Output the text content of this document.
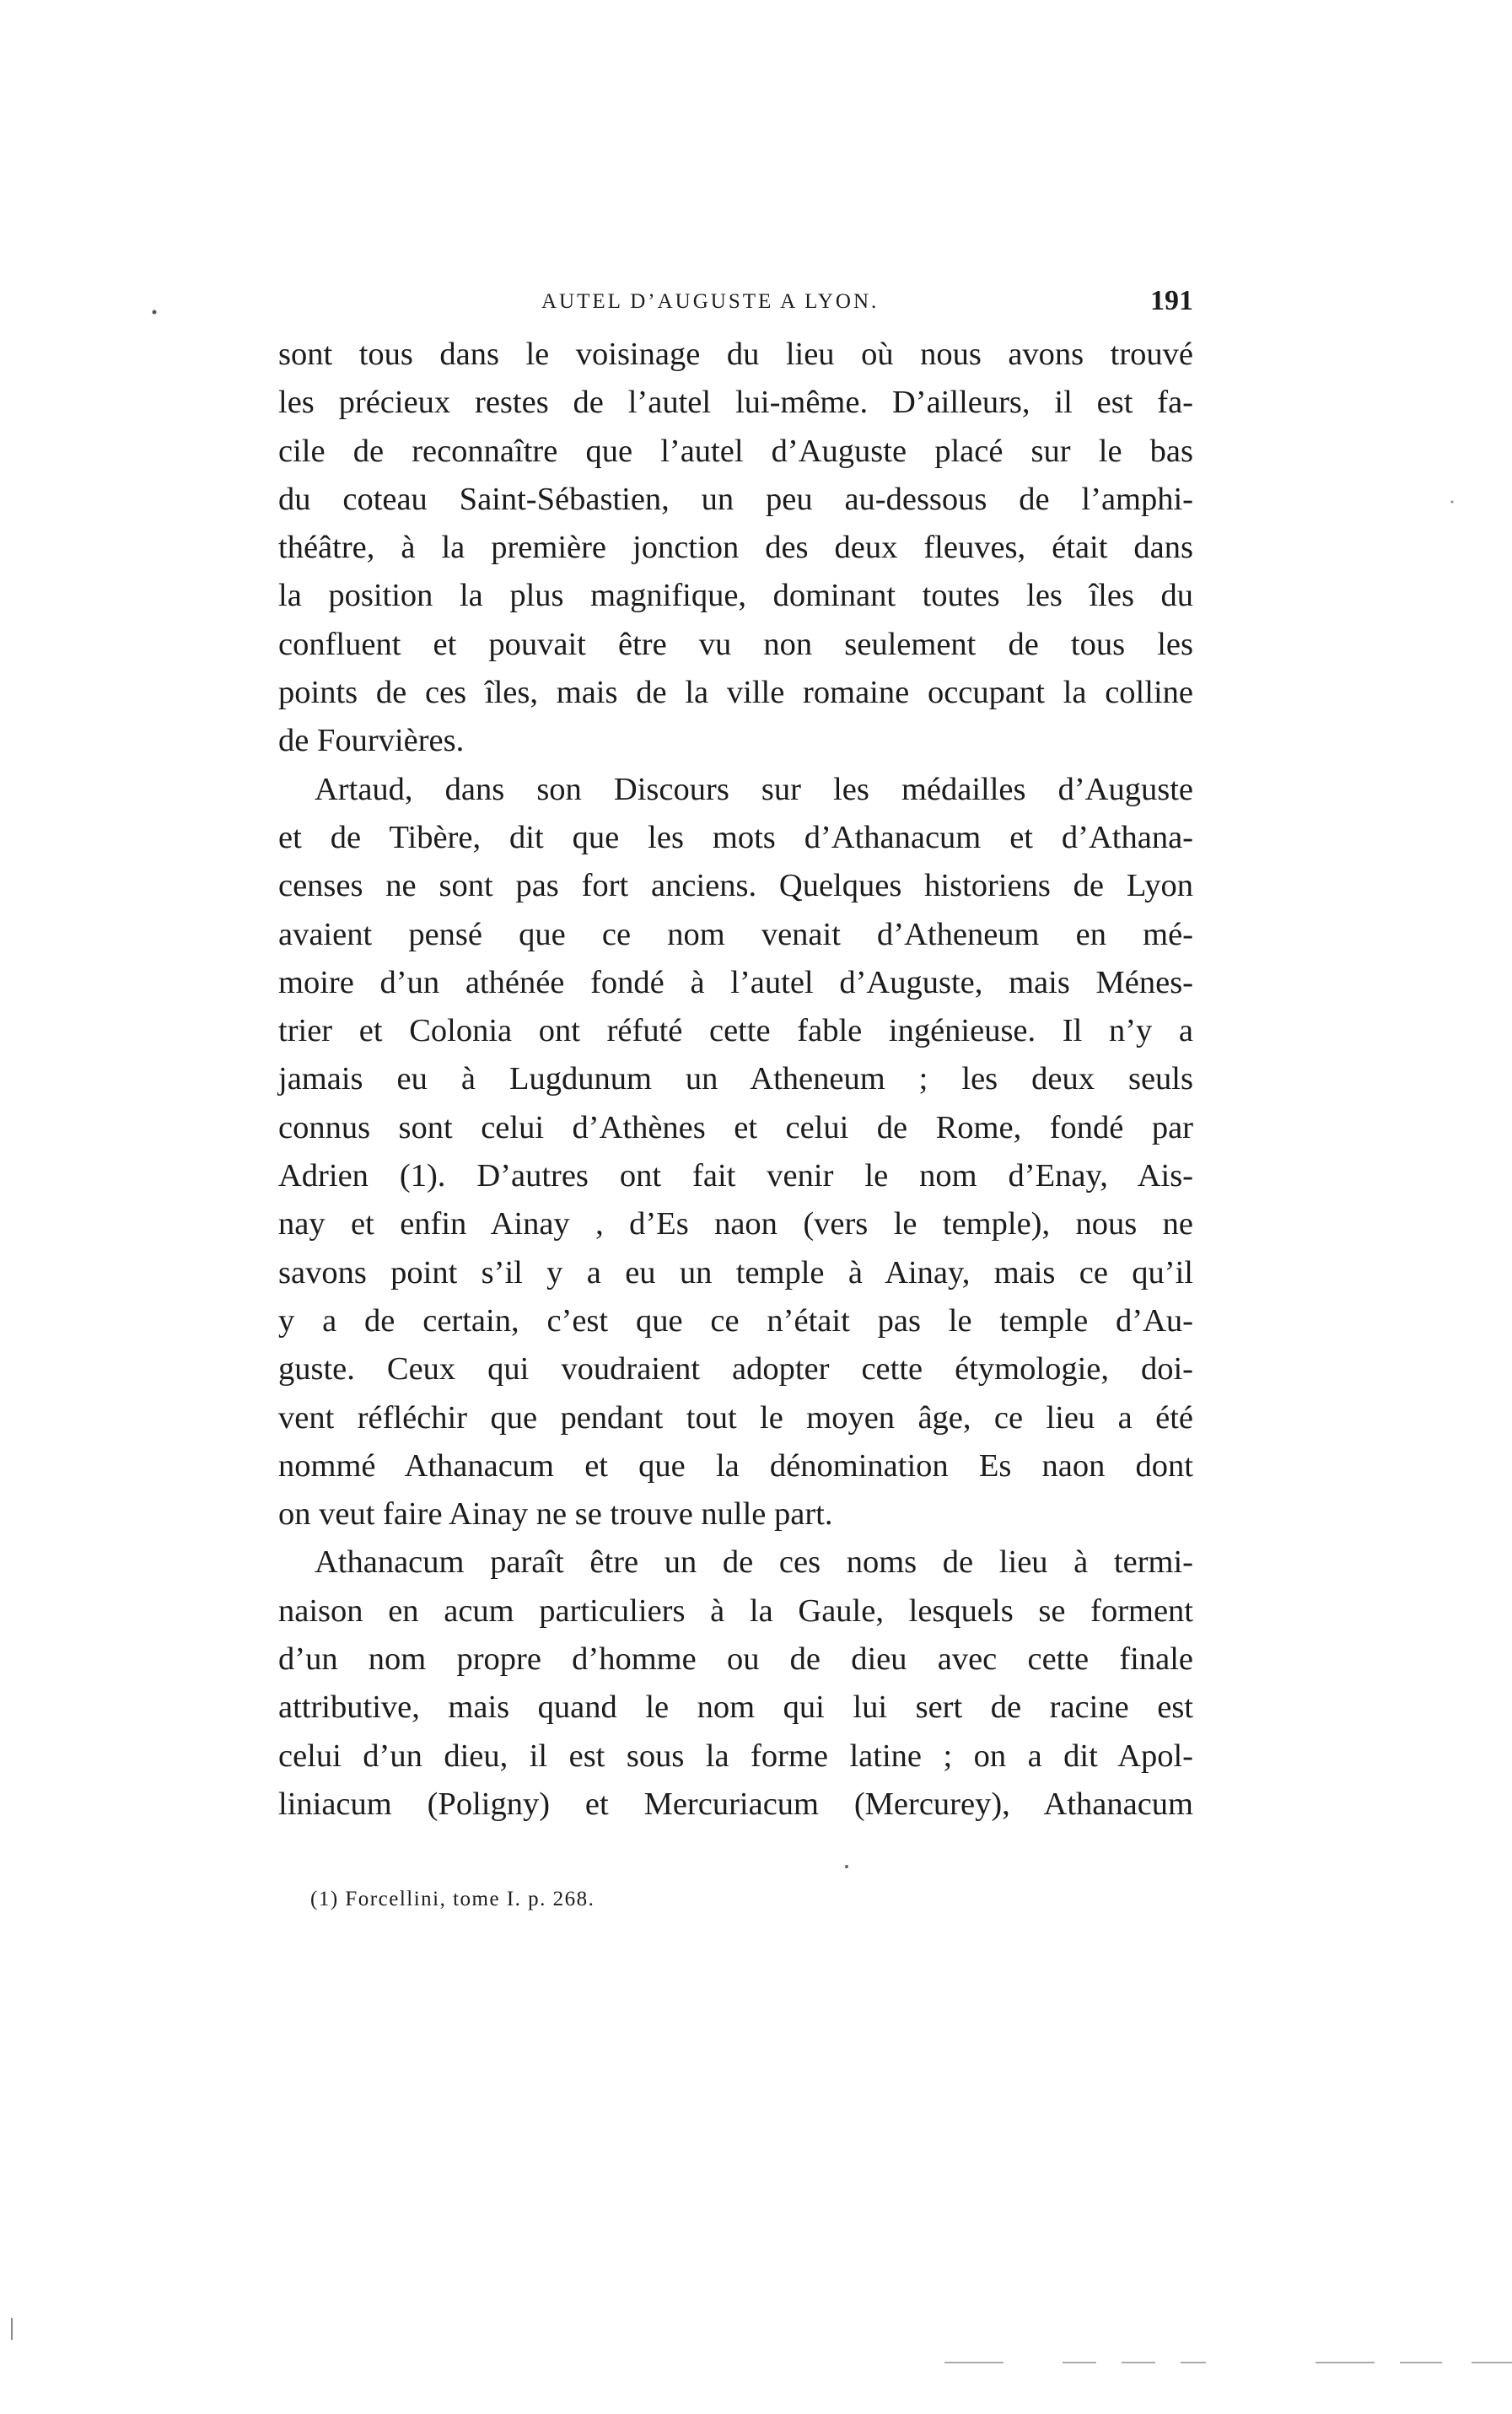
AUTEL D’AUGUSTE A LYON.	191
sont tous dans le voisinage du lieu où nous avons trouvé
les précieux restes de l’autel lui-même. D’ailleurs, il est fa-
cile de reconnaître que l’autel d’Auguste placé sur le bas
du coteau Saint-Sébastien, un peu au-dessous de l’amphi-
théâtre, à la première jonction des deux fleuves, était dans
la position la plus magnifique, dominant toutes les îles du
confluent et pouvait être vu non seulement de tous les
points de ces îles, mais de la ville romaine occupant la colline
de Fourvières.
Artaud, dans son Discours sur les médailles d’Auguste
et de Tibère, dit que les mots d’Athanacum et d’Athana-
censes ne sont pas fort anciens. Quelques historiens de Lyon
avaient pensé que ce nom venait d’Atheneum en mé-
moire d’un athénée fondé à l’autel d’Auguste, mais Ménes-
trier et Colonia ont réfuté cette fable ingénieuse. Il n’y a
jamais eu à Lugdunum un Atheneum ; les deux seuls
connus sont celui d’Athènes et celui de Rome, fondé par
Adrien (1). D’autres ont fait venir le nom d’Enay, Ais-
nay et enfin Ainay , d’Es naon (vers le temple), nous ne
savons point s’il y a eu un temple à Ainay, mais ce qu’il
y a de certain, c’est que ce n’était pas le temple d’Au-
guste. Ceux qui voudraient adopter cette étymologie, doi-
vent réfléchir que pendant tout le moyen âge, ce lieu a été
nommé Athanacum et que la dénomination Es naon dont
on veut faire Ainay ne se trouve nulle part.
Athanacum paraît être un de ces noms de lieu à termi-
naison en acum particuliers à la Gaule, lesquels se forment
d’un nom propre d’homme ou de dieu avec cette finale
attributive, mais quand le nom qui lui sert de racine est
celui d’un dieu, il est sous la forme latine ; on a dit Apol-
liniacum (Poligny) et Mercuriacum (Mercurey), Athanacum
(1) Forcellini, tome I. p. 268.
